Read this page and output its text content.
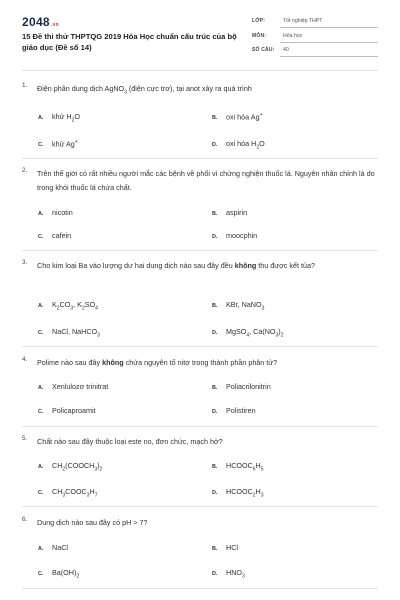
2048.vn
15 Đề thi thử THPTQG 2019 Hóa Học chuẩn cấu trúc của bộ giáo dục (Đề số 14)
LỚP:	Tốt nghiệp THPT
MÔN:	Hóa học
SỐ CÂU: 40
1. Điện phân dung dịch AgNO$_3$ (điện cực trơ), tại anot xảy ra quá trình
A. khử $H_2O$	B. oxi hóa Ag+
C. khử Ag+	D. oxi hóa $H_2O$
2. Trên thế giới có rất nhiều người mắc các bệnh về phổi vì chứng nghiện thuốc lá. Nguyên nhân chính là do trong khói thuốc lá chứa chất.
A. nicotin	B. aspirin
C. cafein	D. moocphin
3. Cho kim loại Ba vào lượng dư hai dung dịch nào sau đây đều không thu được kết tủa?
A. $K_2CO_3$, $K_2SO_4$	B. KBr, NaNO$_3$
C. NaCl, NaHCO$_3$	D. MgSO$_4$, $Ca(NO_3)_2$
4. Polime nào sau đây không chứa nguyên tố nitơ trong thành phần phân tử?
A. Xenlulozơ trinitrat	B. Poliacrilonitrin
C. Policaproamit	D. Polistiren
5. Chất nào sau đây thuộc loại este no, đơn chức, mạch hở?
A. $CH_2(COOCH_3)_2$	B. $HCOOC_6H_5$
C. $CH_3COOC_3H_7$	D. $HCOOC_2H_3$
6. Dung dịch nào sau đây có pH > 7?
A. NaCl	B. HCl
C. $Ba(OH)_2$	D. $HNO_3$
